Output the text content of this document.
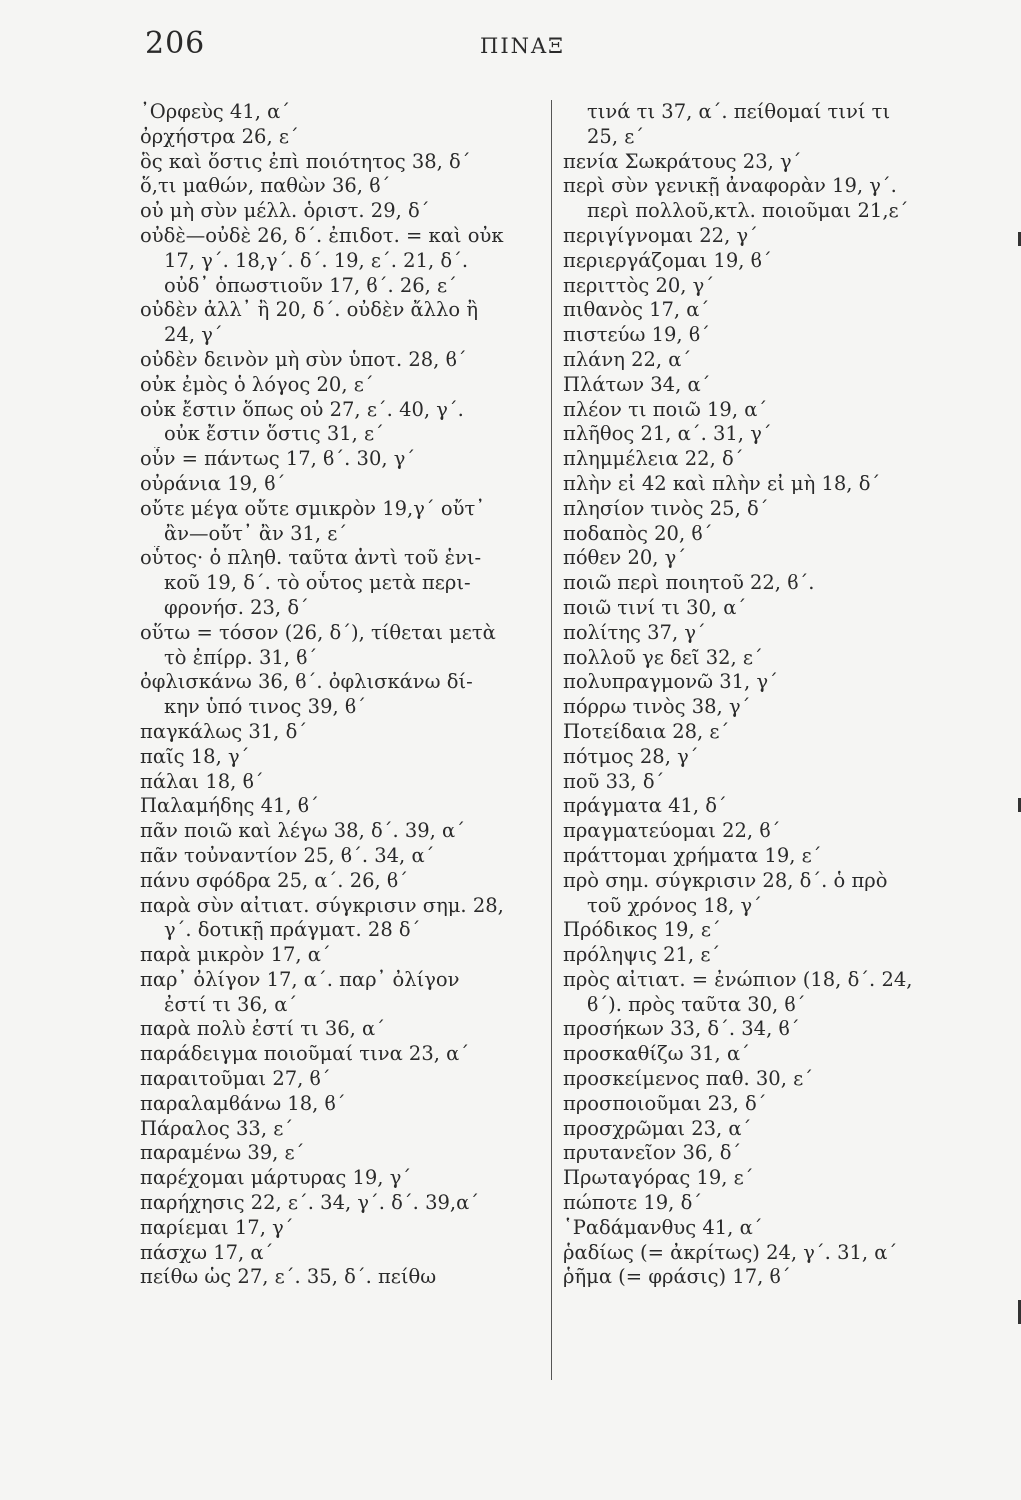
206	ΠΙΝΑΞ
᾿Ορφεὺς 41, α΄
ὀρχήστρα 26, ε΄
ὃς καὶ ὅστις ἐπὶ ποιότητος 38, δ΄
ὅ,τι μαθών, παθὼν 36, ϐ΄
οὐ μὴ σὺν μέλλ. ὁριστ. 29, δ΄
οὐδὲ—οὐδὲ 26, δ΄. ἐπιδοτ. = καὶ οὐκ
17, γ΄. 18,γ΄. δ΄. 19, ε΄. 21, δ΄.
οὐδ᾿ ὁπωστιοῦν 17, ϐ΄. 26, ε΄
οὐδὲν ἀλλ᾿ ἢ 20, δ΄. οὐδὲν ἄλλο ἢ
24, γ΄
οὐδὲν δεινὸν μὴ σὺν ὑποτ. 28, ϐ΄
οὐκ ἐμὸς ὁ λόγος 20, ε΄
οὐκ ἔστιν ὅπως οὐ 27, ε΄. 40, γ΄.
οὐκ ἔστιν ὅστις 31, ε΄
οὖν = πάντως 17, ϐ΄. 30, γ΄
οὐράνια 19, ϐ΄
οὔτε μέγα οὔτε σμικρὸν 19,γ΄ οὔτ᾿
ἂν—οὔτ᾿ ἂν 31, ε΄
οὗτος· ὁ πληθ. ταῦτα ἀντὶ τοῦ ἑνι-
κοῦ 19, δ΄. τὸ οὗτος μετὰ περι-
φρονήσ. 23, δ΄
οὕτω = τόσον (26, δ΄), τίθεται μετὰ
τὸ ἐπίρρ. 31, ϐ΄
ὀφλισκάνω 36, ϐ΄. ὀφλισκάνω δί-
κην ὑπό τινος 39, ϐ΄
παγκάλως 31, δ΄
παῖς 18, γ΄
πάλαι 18, ϐ΄
Παλαμήδης 41, ϐ΄
πᾶν ποιῶ καὶ λέγω 38, δ΄. 39, α΄
πᾶν τοὐναντίον 25, ϐ΄. 34, α΄
πάνυ σφόδρα 25, α΄. 26, ϐ΄
παρὰ σὺν αἰτιατ. σύγκρισιν σημ. 28,
γ΄. δοτικῇ πράγματ. 28 δ΄
παρὰ μικρὸν 17, α΄
παρ᾿ ὀλίγον 17, α΄. παρ᾿ ὀλίγον
ἐστί τι 36, α΄
παρὰ πολὺ ἐστί τι 36, α΄
παράδειγμα ποιοῦμαί τινα 23, α΄
παραιτοῦμαι 27, ϐ΄
παραλαμϐάνω 18, ϐ΄
Πάραλος 33, ε΄
παραμένω 39, ε΄
παρέχομαι μάρτυρας 19, γ΄
παρήχησις 22, ε΄. 34, γ΄. δ΄. 39,α΄
παρίεμαι 17, γ΄
πάσχω 17, α΄
πείθω ὡς 27, ε΄. 35, δ΄. πείθω
τινά τι 37, α΄. πείθομαί τινί τι
25, ε΄
πενία Σωκράτους 23, γ΄
περὶ σὺν γενικῇ ἀναφορὰν 19, γ΄.
περὶ πολλοῦ,κτλ. ποιοῦμαι 21,ε΄
περιγίγνομαι 22, γ΄
περιεργάζομαι 19, ϐ΄
περιττὸς 20, γ΄
πιθανὸς 17, α΄
πιστεύω 19, ϐ΄
πλάνη 22, α΄
Πλάτων 34, α΄
πλέον τι ποιῶ 19, α΄
πλῆθος 21, α΄. 31, γ΄
πλημμέλεια 22, δ΄
πλὴν εἰ 42 καὶ πλὴν εἰ μὴ 18, δ΄
πλησίον τινὸς 25, δ΄
ποδαπὸς 20, ϐ΄
πόθεν 20, γ΄
ποιῶ περὶ ποιητοῦ 22, ϐ΄.
ποιῶ τινί τι 30, α΄
πολίτης 37, γ΄
πολλοῦ γε δεῖ 32, ε΄
πολυπραγμονῶ 31, γ΄
πόρρω τινὸς 38, γ΄
Ποτείδαια 28, ε΄
πότμος 28, γ΄
ποῦ 33, δ΄
πράγματα 41, δ΄
πραγματεύομαι 22, ϐ΄
πράττομαι χρήματα 19, ε΄
πρὸ σημ. σύγκρισιν 28, δ΄. ὁ πρὸ
τοῦ χρόνος 18, γ΄
Πρόδικος 19, ε΄
πρόληψις 21, ε΄
πρὸς αἰτιατ. = ἐνώπιον (18, δ΄. 24,
ϐ΄). πρὸς ταῦτα 30, ϐ΄
προσήκων 33, δ΄. 34, ϐ΄
προσκαθίζω 31, α΄
προσκείμενος παθ. 30, ε΄
προσποιοῦμαι 23, δ΄
προσχρῶμαι 23, α΄
πρυτανεῖον 36, δ΄
Πρωταγόρας 19, ε΄
πώποτε 19, δ΄
῾Ραδάμανθυς 41, α΄
ῥαδίως (= ἀκρίτως) 24, γ΄. 31, α΄
ῥῆμα (= φράσις) 17, ϐ΄
